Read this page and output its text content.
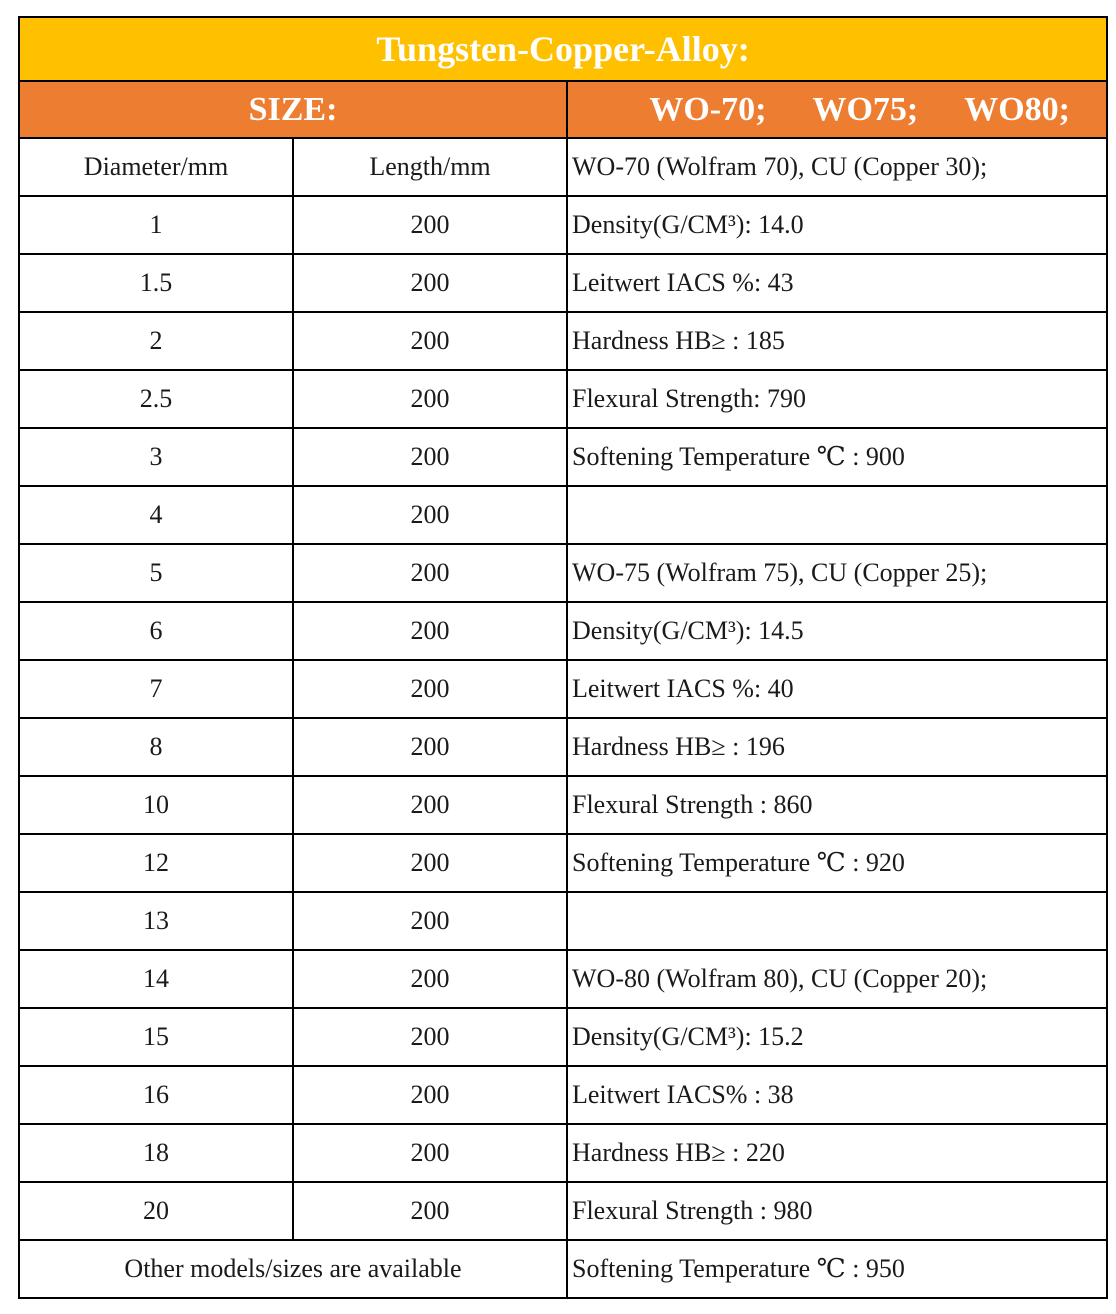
Tungsten-Copper-Alloy:		
SIZE:		WO-70; WO75; WO80;
Diameter/mm	Length/mm	WO-70 (Wolfram 70), CU (Copper 30);
1	200	Density(G/CM³): 14.0
1.5	200	Leitwert IACS %: 43
2	200	Hardness HB≥ : 185
2.5	200	Flexural Strength: 790
3	200	Softening Temperature ℃ : 900
4	200	
5	200	WO-75 (Wolfram 75), CU (Copper 25);
6	200	Density(G/CM³): 14.5
7	200	Leitwert IACS %: 40
8	200	Hardness HB≥ : 196
10	200	Flexural Strength : 860
12	200	Softening Temperature ℃ : 920
13	200	
14	200	WO-80 (Wolfram 80), CU (Copper 20);
15	200	Density(G/CM³): 15.2
16	200	Leitwert IACS% : 38
18	200	Hardness HB≥ : 220
20	200	Flexural Strength : 980
Other models/sizes are available		Softening Temperature ℃ : 950
